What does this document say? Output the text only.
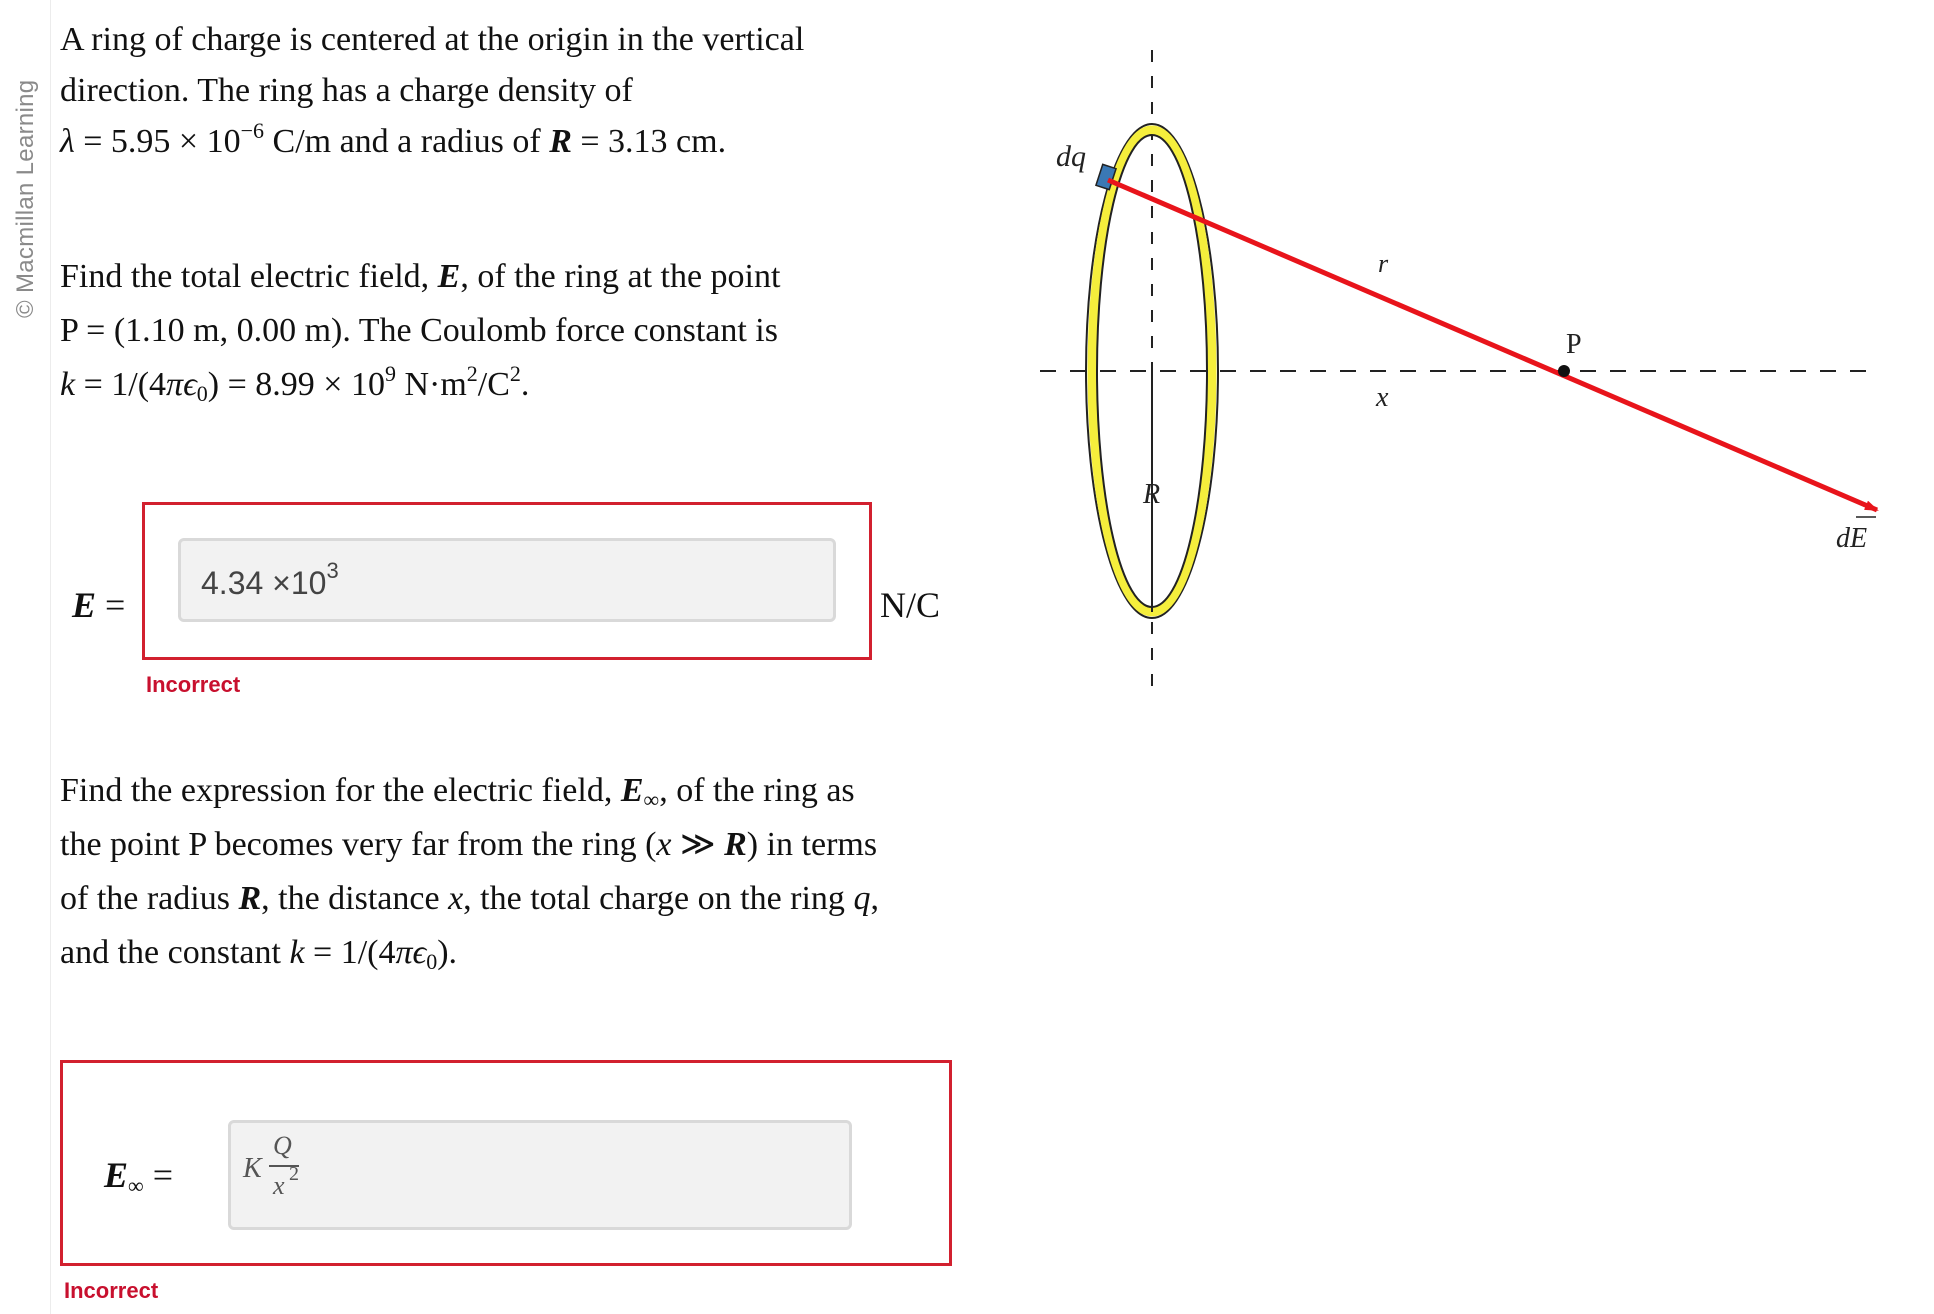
© Macmillan Learning
A ring of charge is centered at the origin in the vertical
direction. The ring has a charge density of
$\lambda = 5.95 \times 10^{-6}$ C/m and a radius of R = 3.13 cm.
Find the total electric field, E, of the ring at the point
P = (1.10 m, 0.00 m). The Coulomb force constant is
$k = 1/(4\pi\epsilon_0) = 8.99 \times 10^9$ $N\cdot m^2/C^2$.
E =
$4.34 \times 10^3$
N/C
Incorrect
Find the expression for the electric field, $E_\infty$, of the ring as
the point P becomes very far from the ring (x ≫ R) in terms
of the radius R, the distance x, the total charge on the ring q,
and the constant $k = 1/(4\pi\epsilon_0)$.
$E_\infty = K$
Q
x 2
Incorrect
dq
r
P
x
R
dE
